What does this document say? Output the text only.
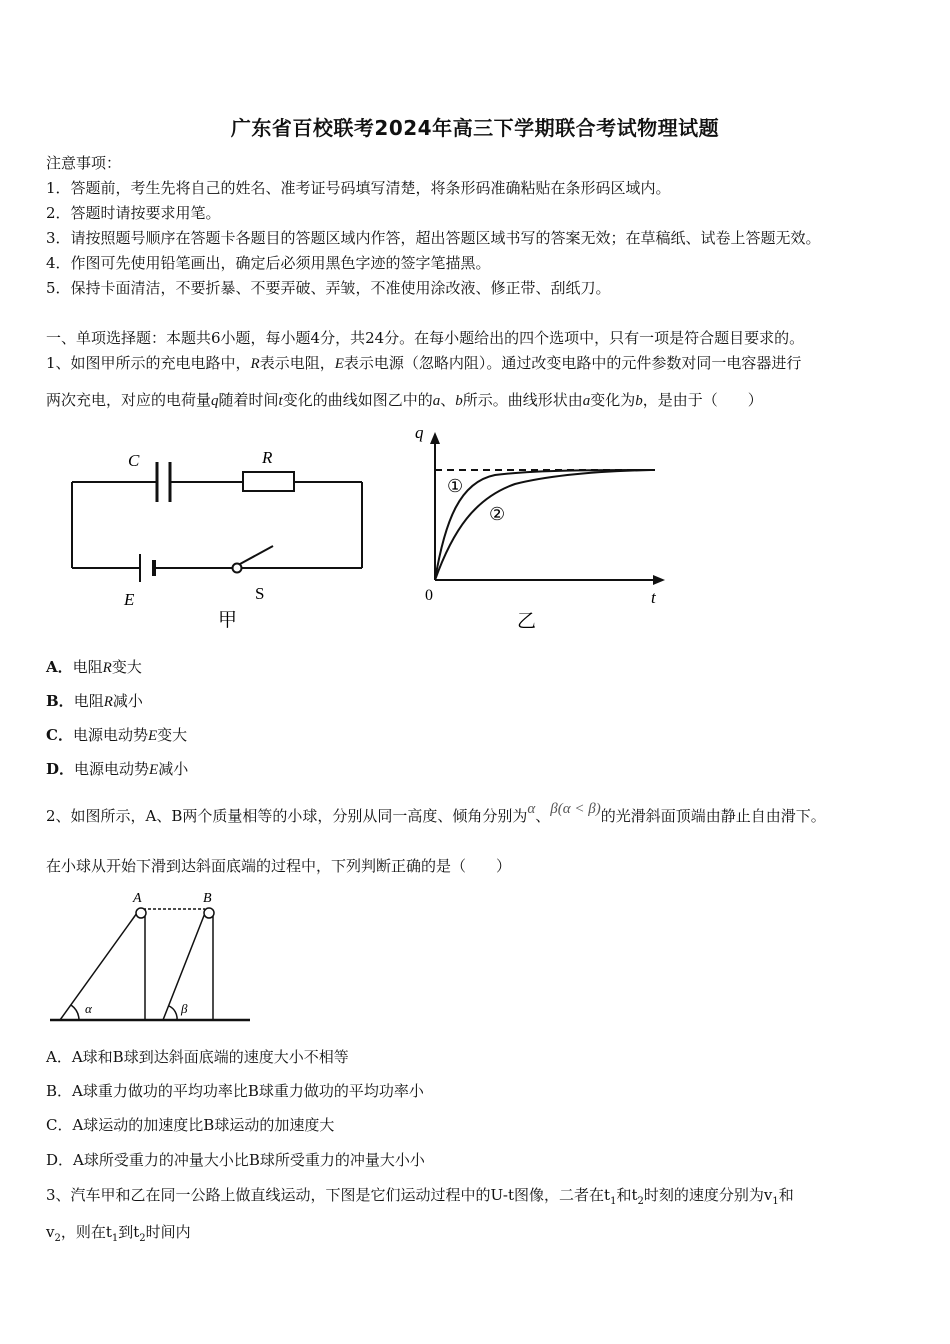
广东省百校联考2024年高三下学期联合考试物理试题
注意事项：
1．答题前，考生先将自己的姓名、准考证号码填写清楚，将条形码准确粘贴在条形码区域内。
2．答题时请按要求用笔。
3．请按照题号顺序在答题卡各题目的答题区域内作答，超出答题区域书写的答案无效；在草稿纸、试卷上答题无效。
4．作图可先使用铅笔画出，确定后必须用黑色字迹的签字笔描黑。
5．保持卡面清洁，不要折暴、不要弄破、弄皱，不准使用涂改液、修正带、刮纸刀。
一、单项选择题：本题共6小题，每小题4分，共24分。在每小题给出的四个选项中，只有一项是符合题目要求的。
1、如图甲所示的充电电路中，R表示电阻，E表示电源（忽略内阻）。通过改变电路中的元件参数对同一电容器进行
两次充电，对应的电荷量q随着时间t变化的曲线如图乙中的a、b所示。曲线形状由a变化为b，是由于（　　）
C	R
E	S
甲
q
t
0
①
②
乙
A．电阻R变大
B．电阻R减小
C．电源电动势E变大
D．电源电动势E减小
2、如图所示，A、B两个质量相等的小球，分别从同一高度、倾角分别为α、β(α < β)的光滑斜面顶端由静止自由滑下。
在小球从开始下滑到达斜面底端的过程中，下列判断正确的是（　　）
A	B
α	β
A．A球和B球到达斜面底端的速度大小不相等
B．A球重力做功的平均功率比B球重力做功的平均功率小
C．A球运动的加速度比B球运动的加速度大
D．A球所受重力的冲量大小比B球所受重力的冲量大小小
3、汽车甲和乙在同一公路上做直线运动，下图是它们运动过程中的U-t图像，二者在$t_1$和$t_2$时刻的速度分别为$v_1$和
$v_2$，则在$t_1$到$t_2$时间内
